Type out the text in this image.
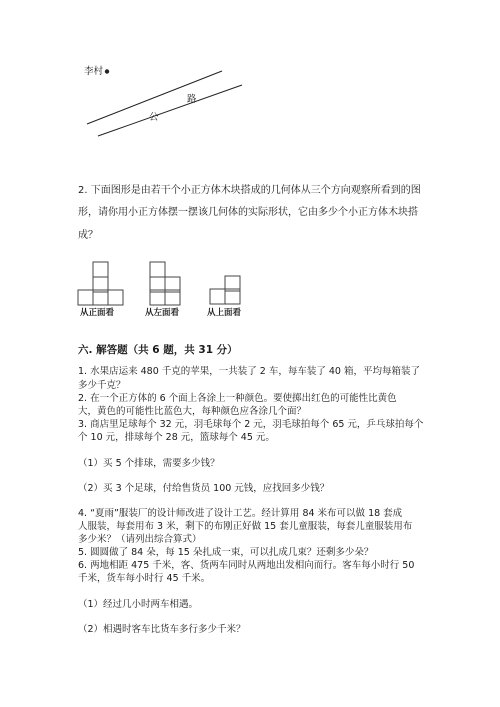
李村
路
公
2. 下面图形是由若干个小正方体木块搭成的几何体从三个方向观察所看到的图
形，请你用小正方体摆一摆该几何体的实际形状，它由多少个小正方体木块搭
成？
从正面看	从左面看	从上面看
六. 解答题（共 6 题，共 31 分）
1. 水果店运来 480 千克的苹果，一共装了 2 车，每车装了 40 箱，平均每箱装了
多少千克？
2. 在一个正方体的 6 个面上各涂上一种颜色。要使掷出红色的可能性比黄色
大，黄色的可能性比蓝色大，每种颜色应各涂几个面？
3. 商店里足球每个 32 元，羽毛球每个 2 元，羽毛球拍每个 65 元，乒乓球拍每个
个 10 元，排球每个 28 元，篮球每个 45 元。
（1）买 5 个排球，需要多少钱？
（2）买 3 个足球，付给售货员 100 元钱，应找回多少钱？
4. “夏雨”服装厂的设计师改进了设计工艺。经计算用 84 米布可以做 18 套成
人服装，每套用布 3 米，剩下的布刚正好做 15 套儿童服装，每套儿童服装用布
多少米？（请列出综合算式）
5. 圆圆做了 84 朵，每 15 朵扎成一束，可以扎成几束？还剩多少朵？
6. 两地相距 475 千米，客、货两车同时从两地出发相向而行。客车每小时行 50
千米，货车每小时行 45 千米。
（1）经过几小时两车相遇。
（2）相遇时客车比货车多行多少千米？
